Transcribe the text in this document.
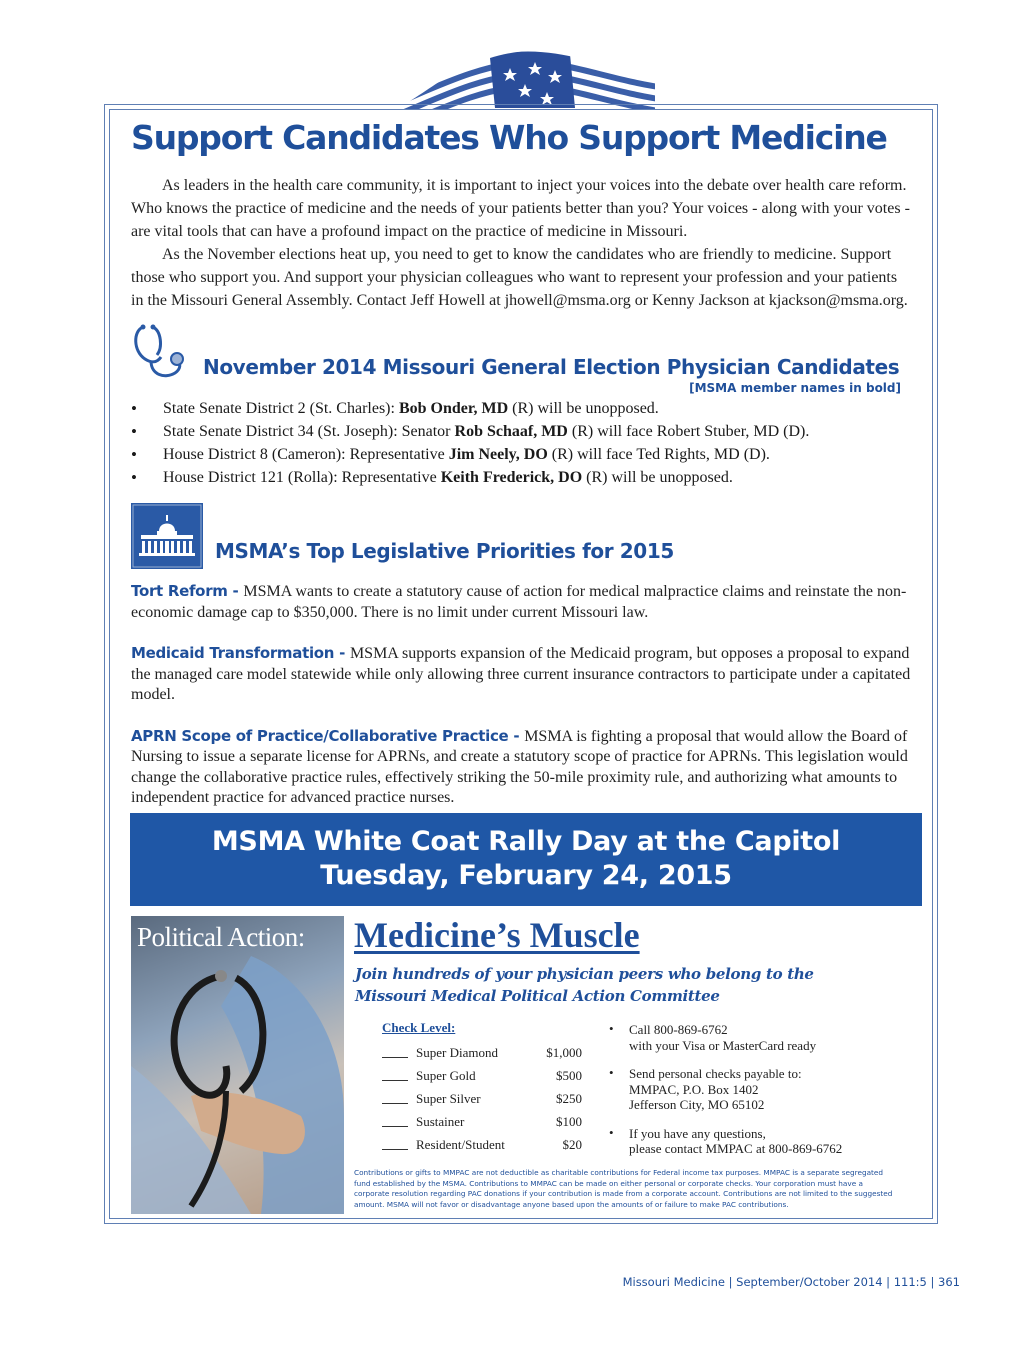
Support Candidates Who Support Medicine

As leaders in the health care community, it is important to inject your voices into the debate over health care reform. Who knows the practice of medicine and the needs of your patients better than you? Your voices - along with your votes - are vital tools that can have a profound impact on the practice of medicine in Missouri.

As the November elections heat up, you need to get to know the candidates who are friendly to medicine. Support those who support you. And support your physician colleagues who want to represent your profession and your patients in the Missouri General Assembly. Contact Jeff Howell at jhowell@msma.org or Kenny Jackson at kjackson@msma.org.

November 2014 Missouri General Election Physician Candidates
[MSMA member names in bold]
• State Senate District 2 (St. Charles): Bob Onder, MD (R) will be unopposed.
• State Senate District 34 (St. Joseph): Senator Rob Schaaf, MD (R) will face Robert Stuber, MD (D).
• House District 8 (Cameron): Representative Jim Neely, DO (R) will face Ted Rights, MD (D).
• House District 121 (Rolla): Representative Keith Frederick, DO (R) will be unopposed.
MSMA’s Top Legislative Priorities for 2015
Tort Reform - MSMA wants to create a statutory cause of action for medical malpractice claims and reinstate the non-economic damage cap to $350,000. There is no limit under current Missouri law.
Medicaid Transformation - MSMA supports expansion of the Medicaid program, but opposes a proposal to expand the managed care model statewide while only allowing three current insurance contractors to participate under a capitated model.
APRN Scope of Practice/Collaborative Practice - MSMA is fighting a proposal that would allow the Board of Nursing to issue a separate license for APRNs, and create a statutory scope of practice for APRNs. This legislation would change the collaborative practice rules, effectively striking the 50-mile proximity rule, and authorizing what amounts to independent practice for advanced practice nurses.
MSMA White Coat Rally Day at the Capitol
Tuesday, February 24, 2015
Political Action: Medicine’s Muscle
Join hundreds of your physician peers who belong to the
Missouri Medical Political Action Committee
Check Level:
Super Diamond	$1,000
Super Gold	$500
Super Silver	$250
Sustainer	$100
Resident/Student	$20
• Call 800-869-6762
with your Visa or MasterCard ready
• Send personal checks payable to:
MMPAC, P.O. Box 1402
Jefferson City, MO 65102
• If you have any questions,
please contact MMPAC at 800-869-6762
Contributions or gifts to MMPAC are not deductible as charitable contributions for Federal income tax purposes. MMPAC is a separate segregated fund established by the MSMA. Contributions to MMPAC can be made on either personal or corporate checks. Your corporation must have a corporate resolution regarding PAC donations if your contribution is made from a corporate account. Contributions are not limited to the suggested amount. MSMA will not favor or disadvantage anyone based upon the amounts of or failure to make PAC contributions.
Missouri Medicine | September/October 2014 | 111:5 | 361
